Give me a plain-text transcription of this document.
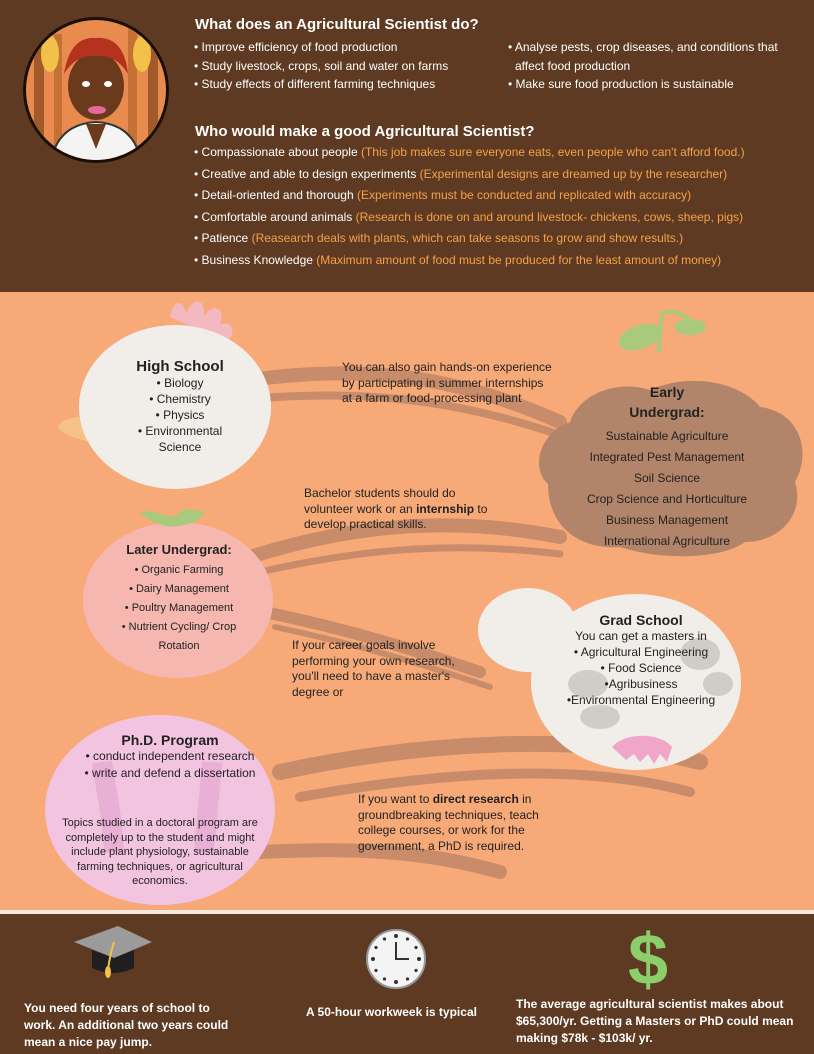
What does an Agricultural Scientist do?
• Improve efficiency of food production
• Study livestock, crops, soil and water on farms
• Study effects of different farming techniques
• Analyse pests, crop diseases, and conditions that
affect food production
• Make sure food production is sustainable
Who would make a good Agricultural Scientist?
• Compassionate about people (This job makes sure everyone eats, even people who can't afford food.)
• Creative and able to design experiments (Experimental designs are dreamed up by the researcher)
• Detail-oriented and thorough (Experiments must be conducted and replicated with accuracy)
• Comfortable around animals (Research is done on and around livestock- chickens, cows, sheep, pigs)
• Patience (Reasearch deals with plants, which can take seasons to grow and show results.)
• Business Knowledge (Maximum amount of food must be produced for the least amount of money)
High School
• Biology
• Chemistry
• Physics
• Environmental
Science
You can also gain hands-on experience
by participating in summer internships
at a farm or food-processing plant	Early
Undergrad:
Sustainable Agriculture
Integrated Pest Management
Soil Science
Crop Science and Horticulture
Business Management
International Agriculture
Bachelor students should do
volunteer work or an internship to
develop practical skills.
Later Undergrad:
• Organic Farming
• Dairy Management
• Poultry Management
• Nutrient Cycling/ Crop
Rotation
Grad School
You can get a masters in
• Agricultural Engineering
• Food Science
•Agribusiness
•Environmental Engineering
If your career goals involve
performing your own research,
you'll need to have a master's
degree or
Ph.D. Program
• conduct independent research
• write and defend a dissertation
Topics studied in a doctoral program are
completely up to the student and might
include plant physiology, sustainable
farming techniques, or agricultural
economics.
If you want to direct research in
groundbreaking techniques, teach
college courses, or work for the
government, a PhD is required.
You need four years of school to
work. An additional two years could
mean a nice pay jump.
A 50-hour workweek is typical
$
The average agricultural scientist makes about
$65,300/yr. Getting a Masters or PhD could mean
making $78k - $103k/ yr.
